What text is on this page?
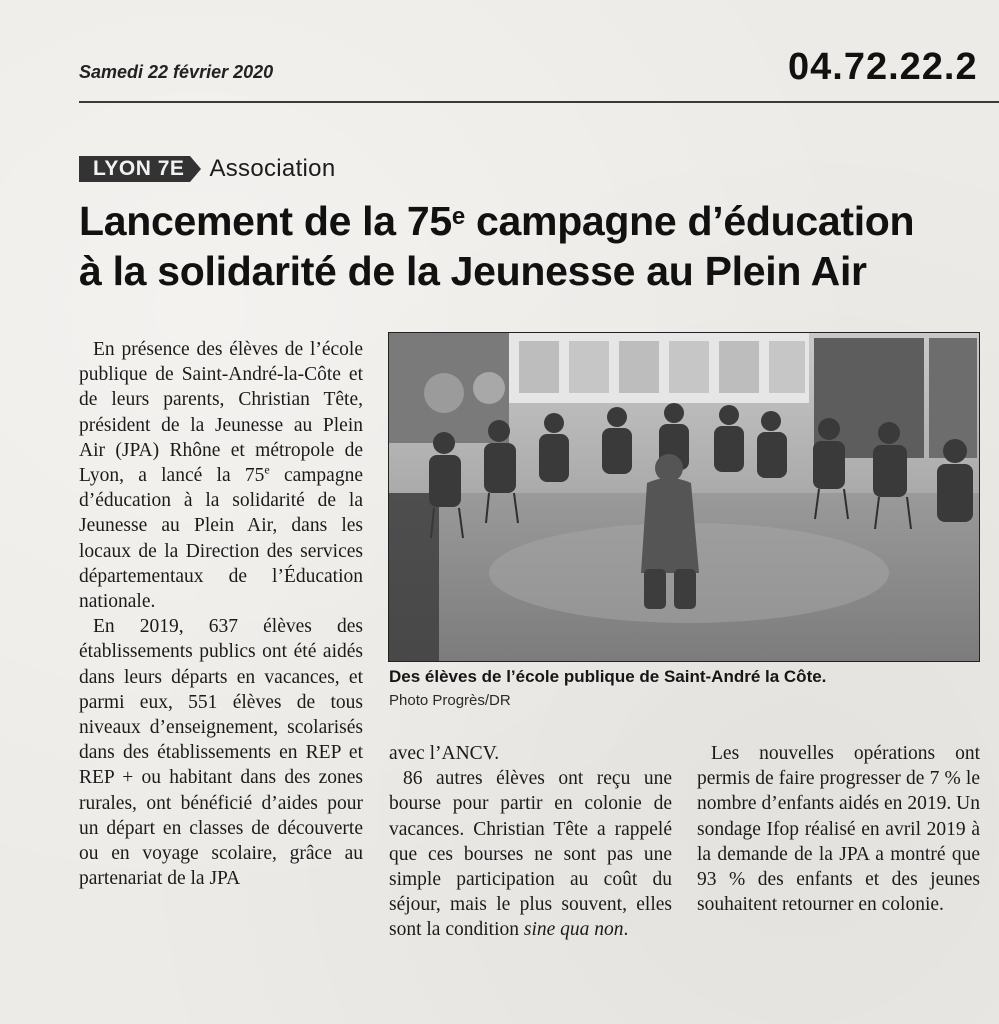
Samedi 22 février 2020	04.72.22.2
LYON 7E Association
Lancement de la 75e campagne d’éducation
à la solidarité de la Jeunesse au Plein Air

En présence des élèves de l’école publique de Saint-André-la-Côte et de leurs parents, Christian Tête, président de la Jeunesse au Plein Air (JPA) Rhône et métropole de Lyon, a lancé la 75e campagne d’éducation à la solidarité de la Jeunesse au Plein Air, dans les locaux de la Direction des services départementaux de l’Éducation nationale.

En 2019, 637 élèves des établissements publics ont été aidés dans leurs départs en vacances, et parmi eux, 551 élèves de tous niveaux d’enseignement, scolarisés dans des établissements en REP et REP + ou habitant dans des zones rurales, ont bénéficié d’aides pour un départ en classes de découverte ou en voyage scolaire, grâce au partenariat de la JPA

Des élèves de l’école publique de Saint-André la Côte.
Photo Progrès/DR

avec l’ANCV.

86 autres élèves ont reçu une bourse pour partir en colonie de vacances. Christian Tête a rappelé que ces bourses ne sont pas une simple participation au coût du séjour, mais le plus souvent, elles sont la condition sine qua non.

Les nouvelles opérations ont permis de faire progresser de 7 % le nombre d’enfants aidés en 2019. Un sondage Ifop réalisé en avril 2019 à la demande de la JPA a montré que 93 % des enfants et des jeunes souhaitent retourner en colonie.
